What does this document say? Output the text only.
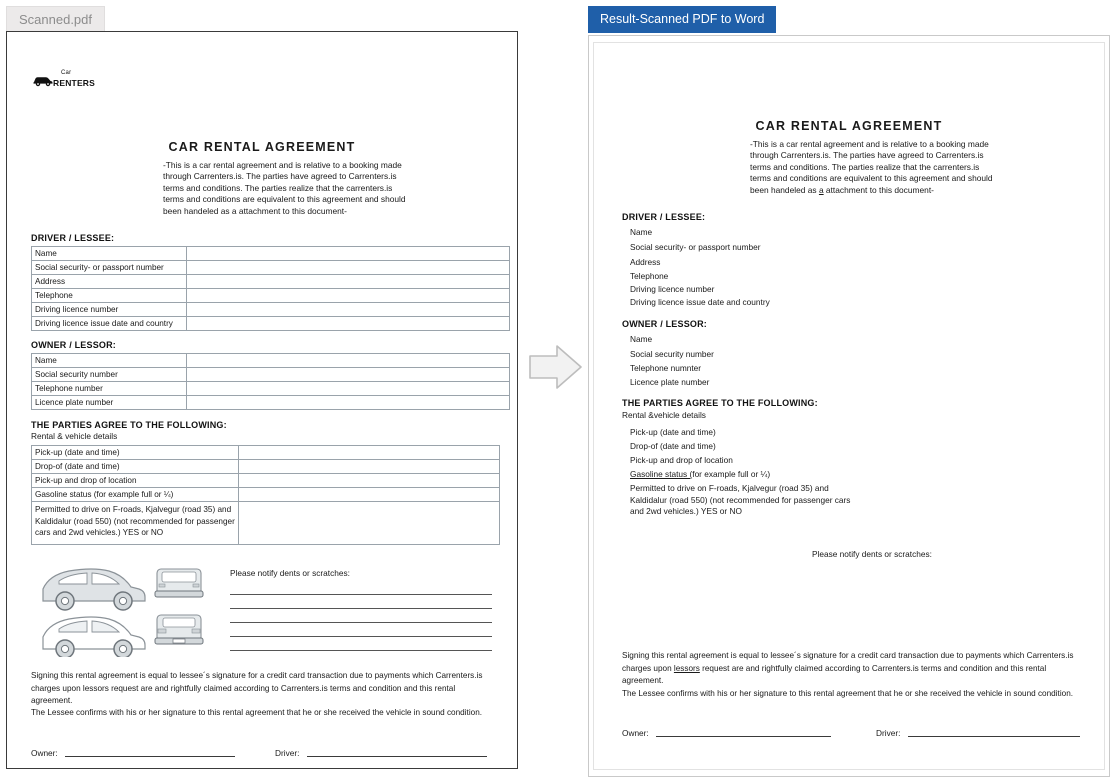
Scanned.pdf
Car
RENTERS
CAR RENTAL AGREEMENT
-This is a car rental agreement and is relative to a booking made through Carrenters.is. The parties have agreed to Carrenters.is terms and conditions. The parties realize that the carrenters.is terms and conditions are equivalent to this agreement and should been handeled as a attachment to this document-
DRIVER / LESSEE:
Name	
Social security- or passport number	
Address	
Telephone	
Driving licence number	
Driving licence issue date and country	
OWNER / LESSOR:
Name	
Social security number	
Telephone number	
Licence plate number	
THE PARTIES AGREE TO THE FOLLOWING:
Rental & vehicle details
Pick-up (date and time)	
Drop-of (date and time)	
Pick-up and drop of location	
Gasoline status (for example full or ¼)	
Permitted to drive on F-roads, Kjalvegur (road 35) and Kaldidalur (road 550) (not recommended for passenger cars and 2wd vehicles.) YES or NO	
Please notify dents or scratches:
Signing this rental agreement is equal to lessee´s signature for a credit card transaction due to payments which Carrenters.is charges upon lessors request are and rightfully claimed according to Carrenters.is terms and condition and this rental agreement.
The Lessee confirms with his or her signature to this rental agreement that he or she received the vehicle in sound condition.
Owner:	Driver:
Result-Scanned PDF to Word
CAR RENTAL AGREEMENT
-This is a car rental agreement and is relative to a booking made through Carrenters.is. The parties have agreed to Carrenters.is terms and conditions. The parties realize that the carrenters.is terms and conditions are equivalent to this agreement and should been handeled as a attachment to this document-
DRIVER / LESSEE:
Name
Social security- or passport number
Address
Telephone
Driving licence number
Driving licence issue date and country
OWNER / LESSOR:
Name
Social security number
Telephone numnter
Licence plate number
THE PARTIES AGREE TO THE FOLLOWING:
Rental &vehicle details
Pick-up (date and time)
Drop-of (date and time)
Pick-up and drop of location
Gasoline status (for example full or ¼)
Permitted to drive on F-roads, Kjalvegur (road 35) and Kaldidalur (road 550) (not recommended for passenger cars and 2wd vehicles.) YES or NO
Please notify dents or scratches:
Signing this rental agreement is equal to lessee´s signature for a credit card transaction due to payments which Carrenters.is charges upon lessors request are and rightfully claimed according to Carrenters.is terms and condition and this rental agreement.
The Lessee confirms with his or her signature to this rental agreement that he or she received the vehicle in sound condition.
Owner:	Driver:
